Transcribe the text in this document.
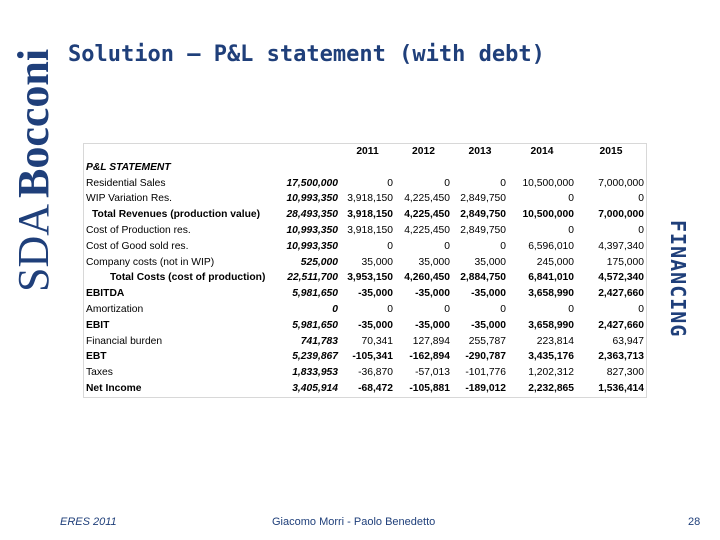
SDABocconi Solution – P&L statement (with debt)
		2011	2012	2013	2014	2015
P&L STATEMENT						
Residential Sales	17,500,000	0	0	0	10,500,000	7,000,000
WIP Variation Res.	10,993,350	3,918,150	4,225,450	2,849,750	0	0
Total Revenues (production value)	28,493,350	3,918,150	4,225,450	2,849,750	10,500,000	7,000,000
Cost of Production res.	10,993,350	3,918,150	4,225,450	2,849,750	0	0
Cost of Good sold res.	10,993,350	0	0	0	6,596,010	4,397,340
Company costs (not in WIP)	525,000	35,000	35,000	35,000	245,000	175,000
Total Costs (cost of production)	22,511,700	3,953,150	4,260,450	2,884,750	6,841,010	4,572,340
EBITDA	5,981,650	-35,000	-35,000	-35,000	3,658,990	2,427,660
Amortization	0	0	0	0	0	0
EBIT	5,981,650	-35,000	-35,000	-35,000	3,658,990	2,427,660
Financial burden	741,783	70,341	127,894	255,787	223,814	63,947
EBT	5,239,867	-105,341	-162,894	-290,787	3,435,176	2,363,713
Taxes	1,833,953	-36,870	-57,013	-101,776	1,202,312	827,300
Net Income	3,405,914	-68,472	-105,881	-189,012	2,232,865	1,536,414
FINANCING
ERES 2011	Giacomo Morri - Paolo Benedetto	28
